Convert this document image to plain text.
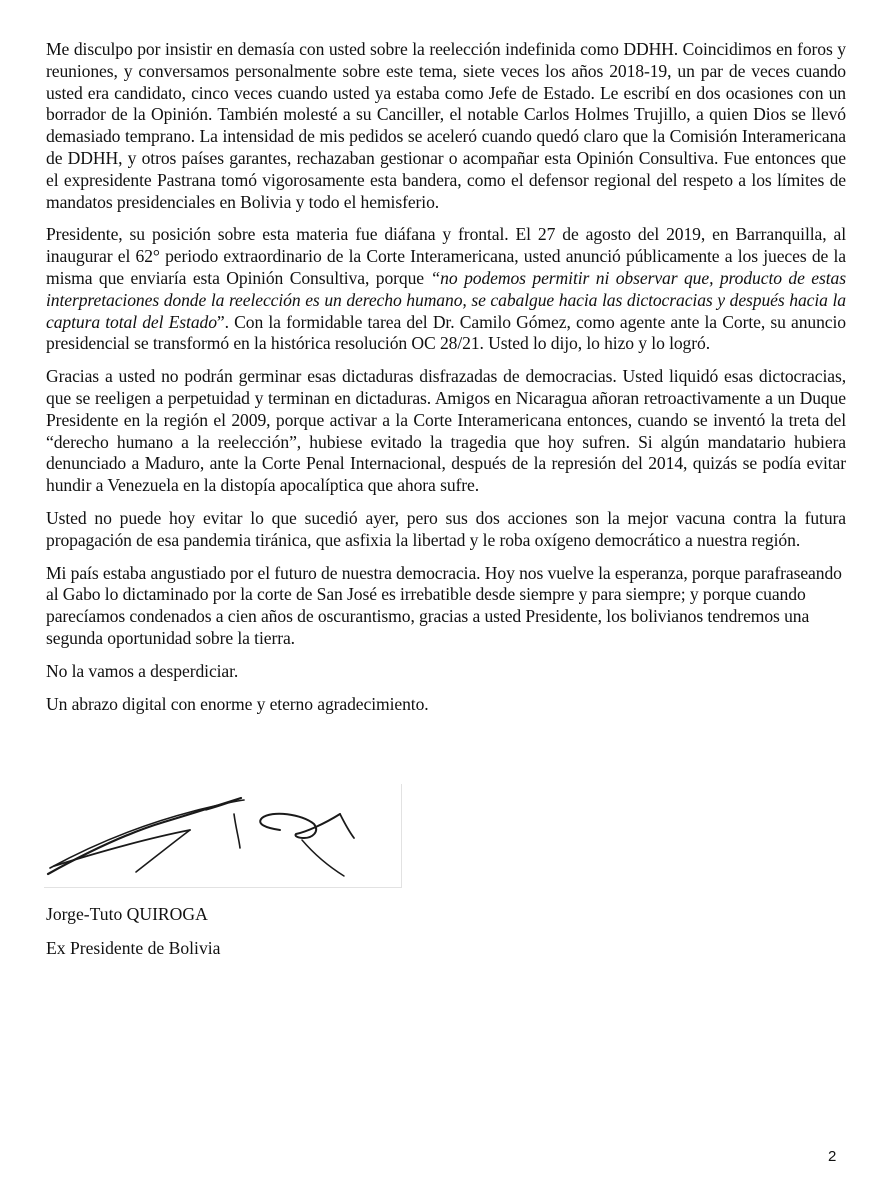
Me disculpo por insistir en demasía con usted sobre la reelección indefinida como DDHH. Coincidimos en foros y reuniones, y conversamos personalmente sobre este tema, siete veces los años 2018-19, un par de veces cuando usted era candidato, cinco veces cuando usted ya estaba como Jefe de Estado. Le escribí en dos ocasiones con un borrador de la Opinión. También molesté a su Canciller, el notable Carlos Holmes Trujillo, a quien Dios se llevó demasiado temprano. La intensidad de mis pedidos se aceleró cuando quedó claro que la Comisión Interamericana de DDHH, y otros países garantes, rechazaban gestionar o acompañar esta Opinión Consultiva. Fue entonces que el expresidente Pastrana tomó vigorosamente esta bandera, como el defensor regional del respeto a los límites de mandatos presidenciales en Bolivia y todo el hemisferio.

Presidente, su posición sobre esta materia fue diáfana y frontal. El 27 de agosto del 2019, en Barranquilla, al inaugurar el 62° periodo extraordinario de la Corte Interamericana, usted anunció públicamente a los jueces de la misma que enviaría esta Opinión Consultiva, porque “no podemos permitir ni observar que, producto de estas interpretaciones donde la reelección es un derecho humano, se cabalgue hacia las dictocracias y después hacia la captura total del Estado”. Con la formidable tarea del Dr. Camilo Gómez, como agente ante la Corte, su anuncio presidencial se transformó en la histórica resolución OC 28/21. Usted lo dijo, lo hizo y lo logró.

Gracias a usted no podrán germinar esas dictaduras disfrazadas de democracias. Usted liquidó esas dictocracias, que se reeligen a perpetuidad y terminan en dictaduras. Amigos en Nicaragua añoran retroactivamente a un Duque Presidente en la región el 2009, porque activar a la Corte Interamericana entonces, cuando se inventó la treta del “derecho humano a la reelección”, hubiese evitado la tragedia que hoy sufren. Si algún mandatario hubiera denunciado a Maduro, ante la Corte Penal Internacional, después de la represión del 2014, quizás se podía evitar hundir a Venezuela en la distopía apocalíptica que ahora sufre.

Usted no puede hoy evitar lo que sucedió ayer, pero sus dos acciones son la mejor vacuna contra la futura propagación de esa pandemia tiránica, que asfixia la libertad y le roba oxígeno democrático a nuestra región.

Mi país estaba angustiado por el futuro de nuestra democracia. Hoy nos vuelve la esperanza, porque parafraseando al Gabo lo dictaminado por la corte de San José es irrebatible desde siempre y para siempre; y porque cuando parecíamos condenados a cien años de oscurantismo, gracias a usted Presidente, los bolivianos tendremos una segunda oportunidad sobre la tierra.

No la vamos a desperdiciar.

Un abrazo digital con enorme y eterno agradecimiento.

Jorge-Tuto QUIROGA

Ex Presidente de Bolivia

2
